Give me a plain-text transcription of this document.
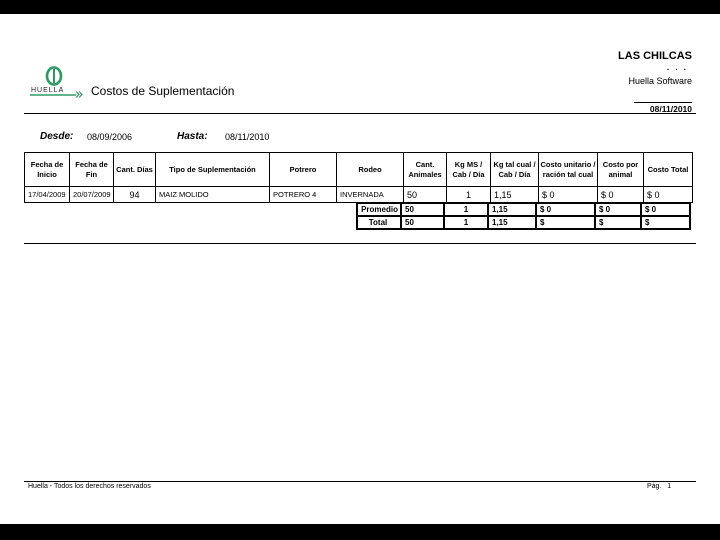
LAS CHILCAS
. . .
Huella Software
08/11/2010
HUELLA Costos de Suplementación
Desde: 08/09/2006	Hasta: 08/11/2010
Fecha de Inicio	Fecha de Fin	Cant. Días	Tipo de Suplementación	Potrero	Rodeo	Cant. Animales	Kg MS / Cab / Día	Kg tal cual / Cab / Día	Costo unitario / ración tal cual	Costo por animal	Costo Total
17/04/2009	20/07/2009	94	MAIZ MOLIDO	POTRERO 4	INVERNADA	50	1	1,15	$ 0	$ 0	$ 0
Promedio	50	1	1,15	$ 0	$ 0	$ 0
Total	50	1	1,15	$	$	$
Huella - Todos los derechos reservados	Pág. 1
